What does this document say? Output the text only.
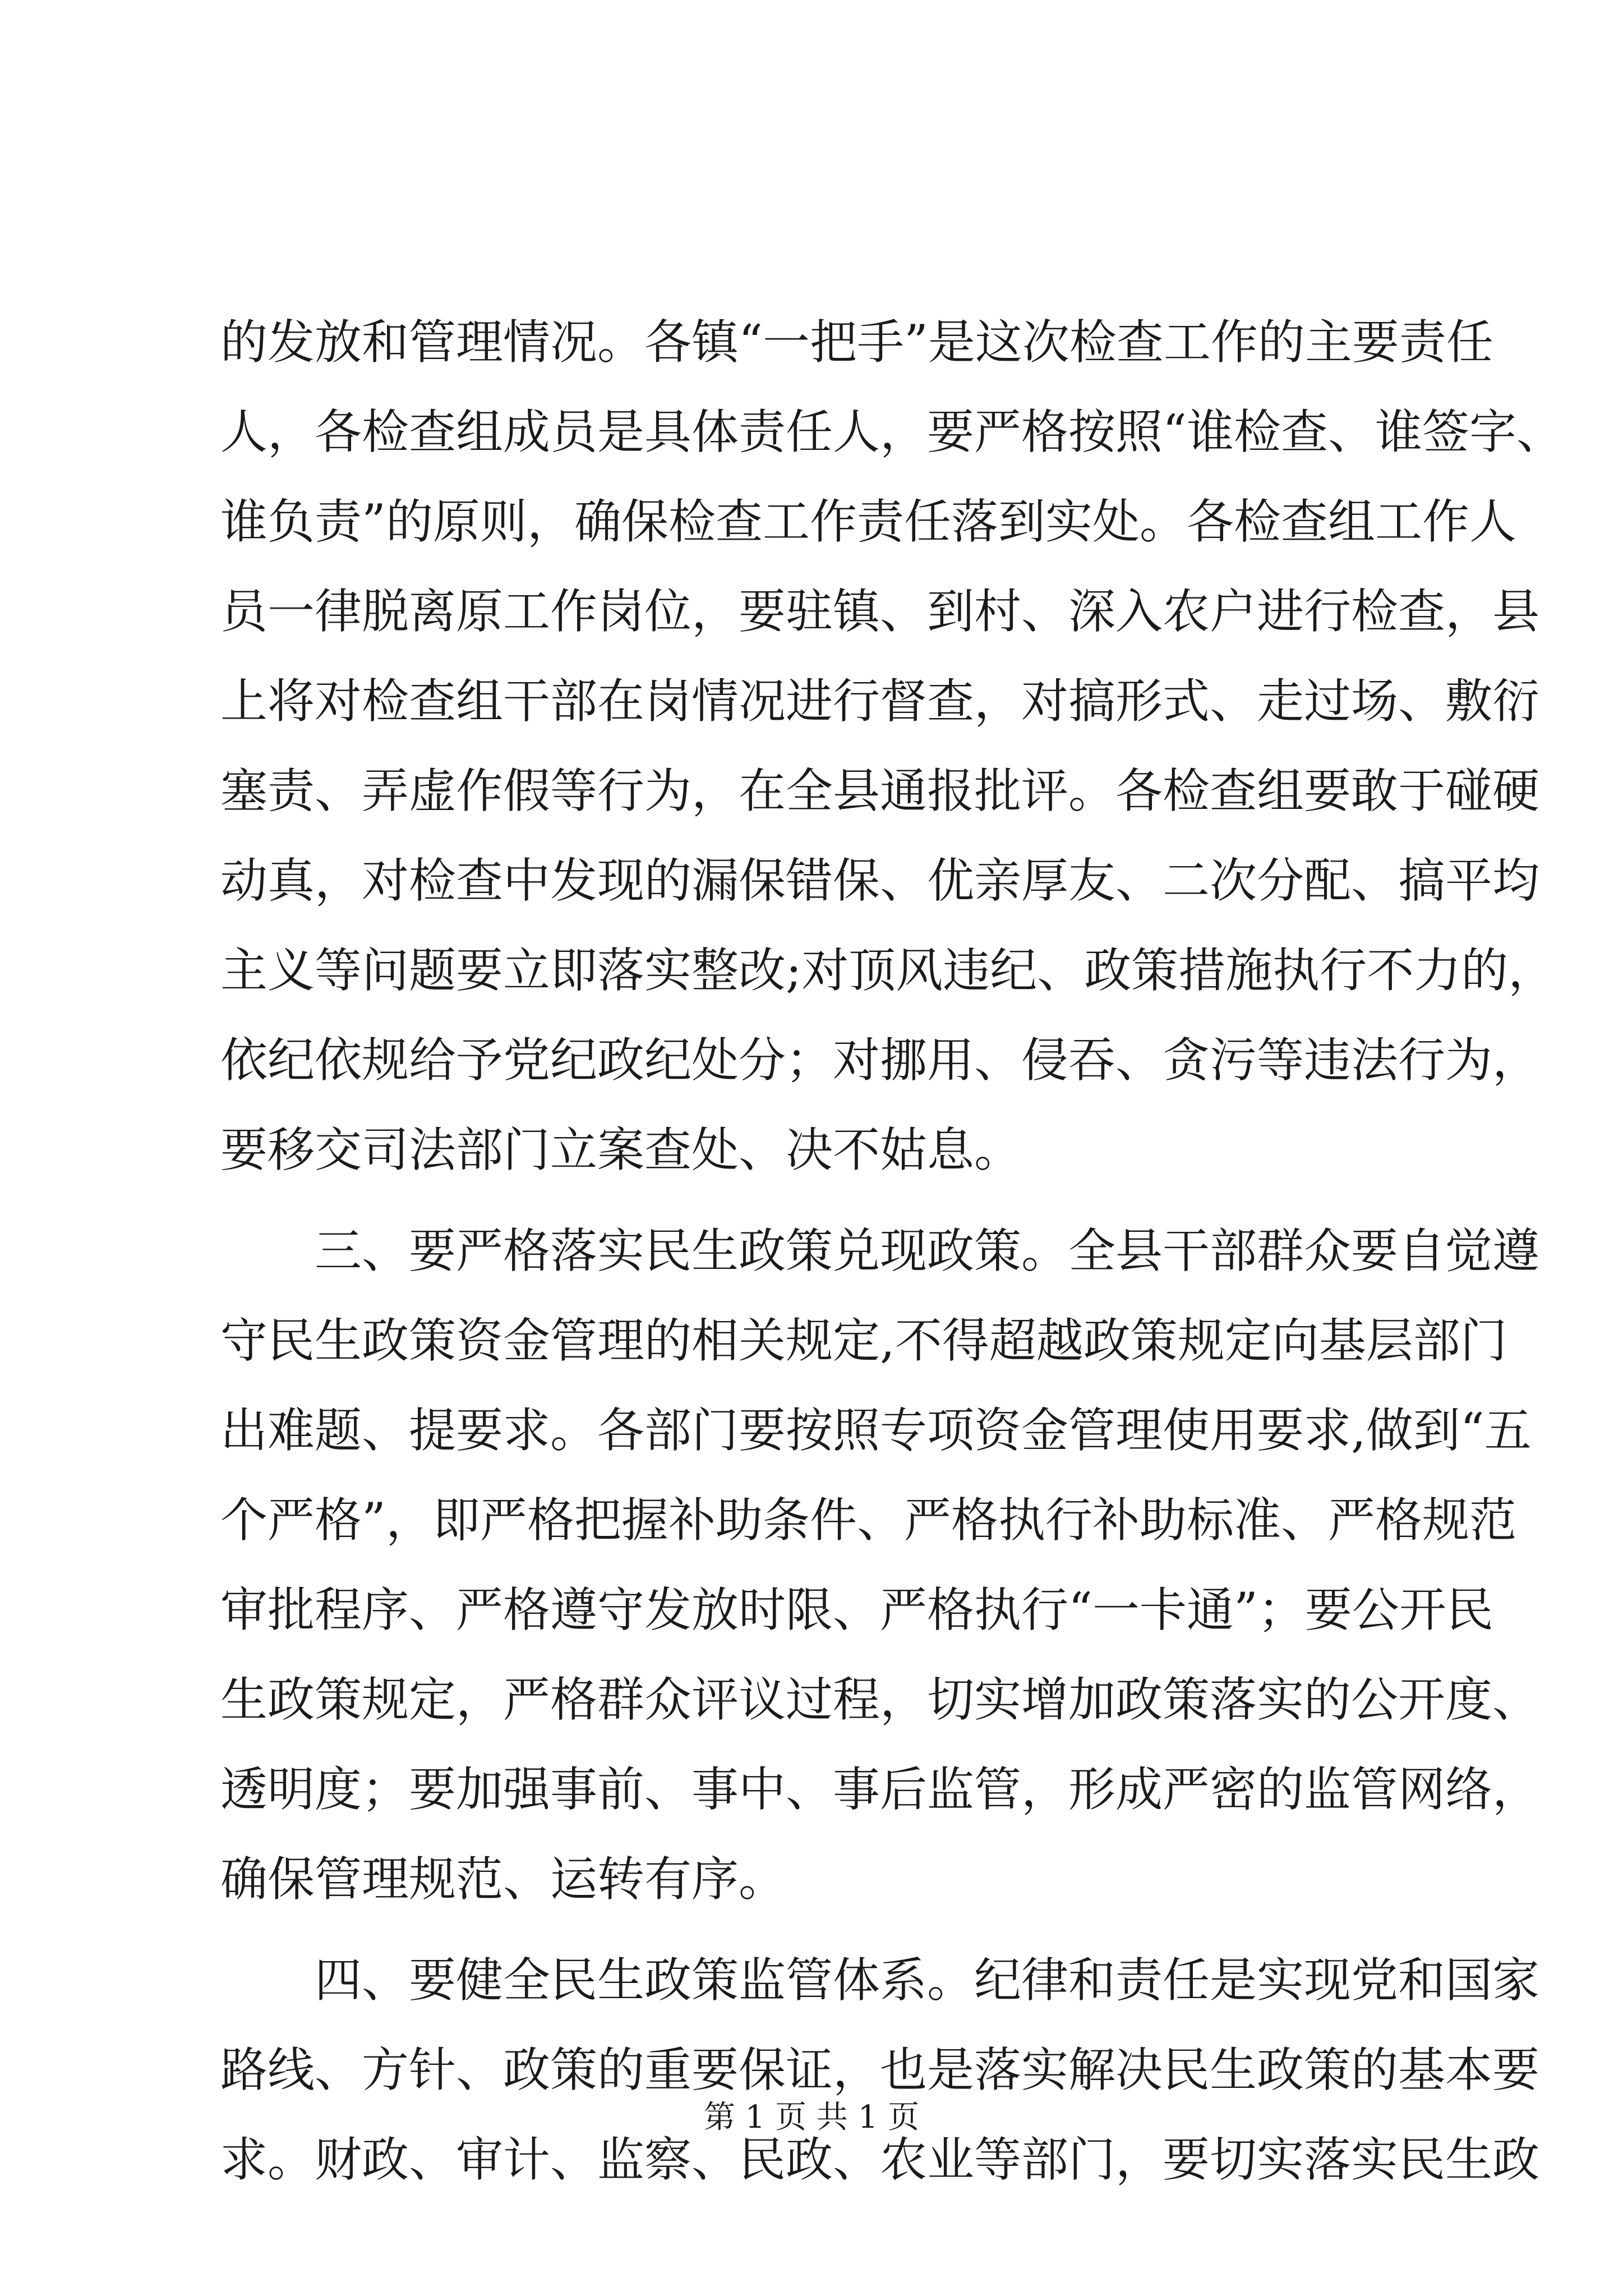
的发放和管理情况。各镇“一把手”是这次检查工作的主要责任
人，各检查组成员是具体责任人，要严格按照“谁检查、谁签字、
谁负责”的原则，确保检查工作责任落到实处。各检查组工作人
员一律脱离原工作岗位，要驻镇、到村、深入农户进行检查，县
上将对检查组干部在岗情况进行督查，对搞形式、走过场、敷衍
塞责、弄虚作假等行为，在全县通报批评。各检查组要敢于碰硬
动真，对检查中发现的漏保错保、优亲厚友、二次分配、搞平均
主义等问题要立即落实整改;对顶风违纪、政策措施执行不力的，
依纪依规给予党纪政纪处分；对挪用、侵吞、贪污等违法行为，
要移交司法部门立案查处、决不姑息。
　　三、要严格落实民生政策兑现政策。全县干部群众要自觉遵
守民生政策资金管理的相关规定,不得超越政策规定向基层部门
出难题、提要求。各部门要按照专项资金管理使用要求,做到“五
个严格”，即严格把握补助条件、严格执行补助标准、严格规范
审批程序、严格遵守发放时限、严格执行“一卡通”；要公开民
生政策规定，严格群众评议过程，切实增加政策落实的公开度、
透明度；要加强事前、事中、事后监管，形成严密的监管网络，
确保管理规范、运转有序。
　　四、要健全民生政策监管体系。纪律和责任是实现党和国家
路线、方针、政策的重要保证，也是落实解决民生政策的基本要
求。财政、审计、监察、民政、农业等部门，要切实落实民生政
第 1 页 共 1 页
